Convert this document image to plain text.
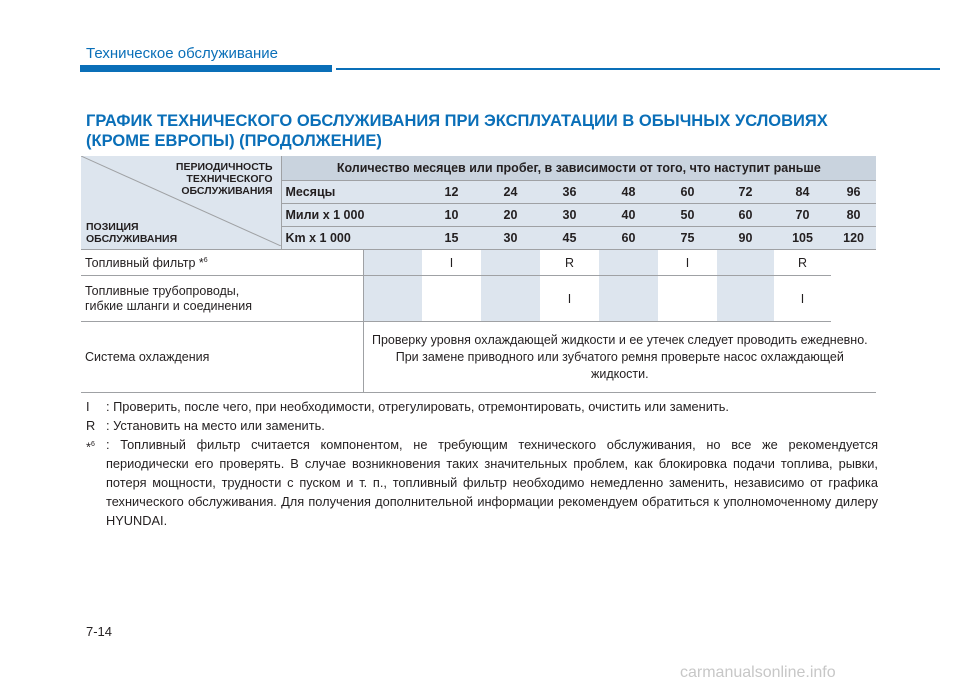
Техническое обслуживание
ГРАФИК ТЕХНИЧЕСКОГО ОБСЛУЖИВАНИЯ ПРИ ЭКСПЛУАТАЦИИ В ОБЫЧНЫХ УСЛОВИЯХ
(КРОМЕ ЕВРОПЫ) (ПРОДОЛЖЕНИЕ)
ПЕРИОДИЧНОСТЬ
ТЕХНИЧЕСКОГО
ОБСЛУЖИВАНИЯ
ПОЗИЦИЯ
ОБСЛУЖИВАНИЯ	Количество месяцев или пробег, в зависимости от того, что наступит раньше									
	Месяцы		12	24	36	48	60	72	84	96
	Мили x 1 000		10	20	30	40	50	60	70	80
	Km x 1 000		15	30	45	60	75	90	105	120
Топливный фильтр *$^6$			I		R		I		R	

Топливные трубопроводы,
гибкие шланги и соединения					I				I	
Система охлаждения		Проверку уровня охлаждающей жидкости и ее утечек следует проводить ежедневно.
При замене приводного или зубчатого ремня проверьте насос охлаждающей жидкости.								
I	: Проверить, после чего, при необходимости, отрегулировать, отремонтировать, очистить или заменить.
R : Установить на место или заменить.
*$^6$ : Топливный фильтр считается компонентом, не требующим технического обслуживания, но все же рекомендуется периодически его проверять. В случае возникновения таких значительных проблем, как блокировка подачи топлива, рывки, потеря мощности, трудности с пуском и т. п., топливный фильтр необходимо немедленно заменить, независимо от графика технического обслуживания. Для получения дополнительной информации рекомендуем обратиться к уполномоченному дилеру HYUNDAI.
7-14
carmanualsonline.info
